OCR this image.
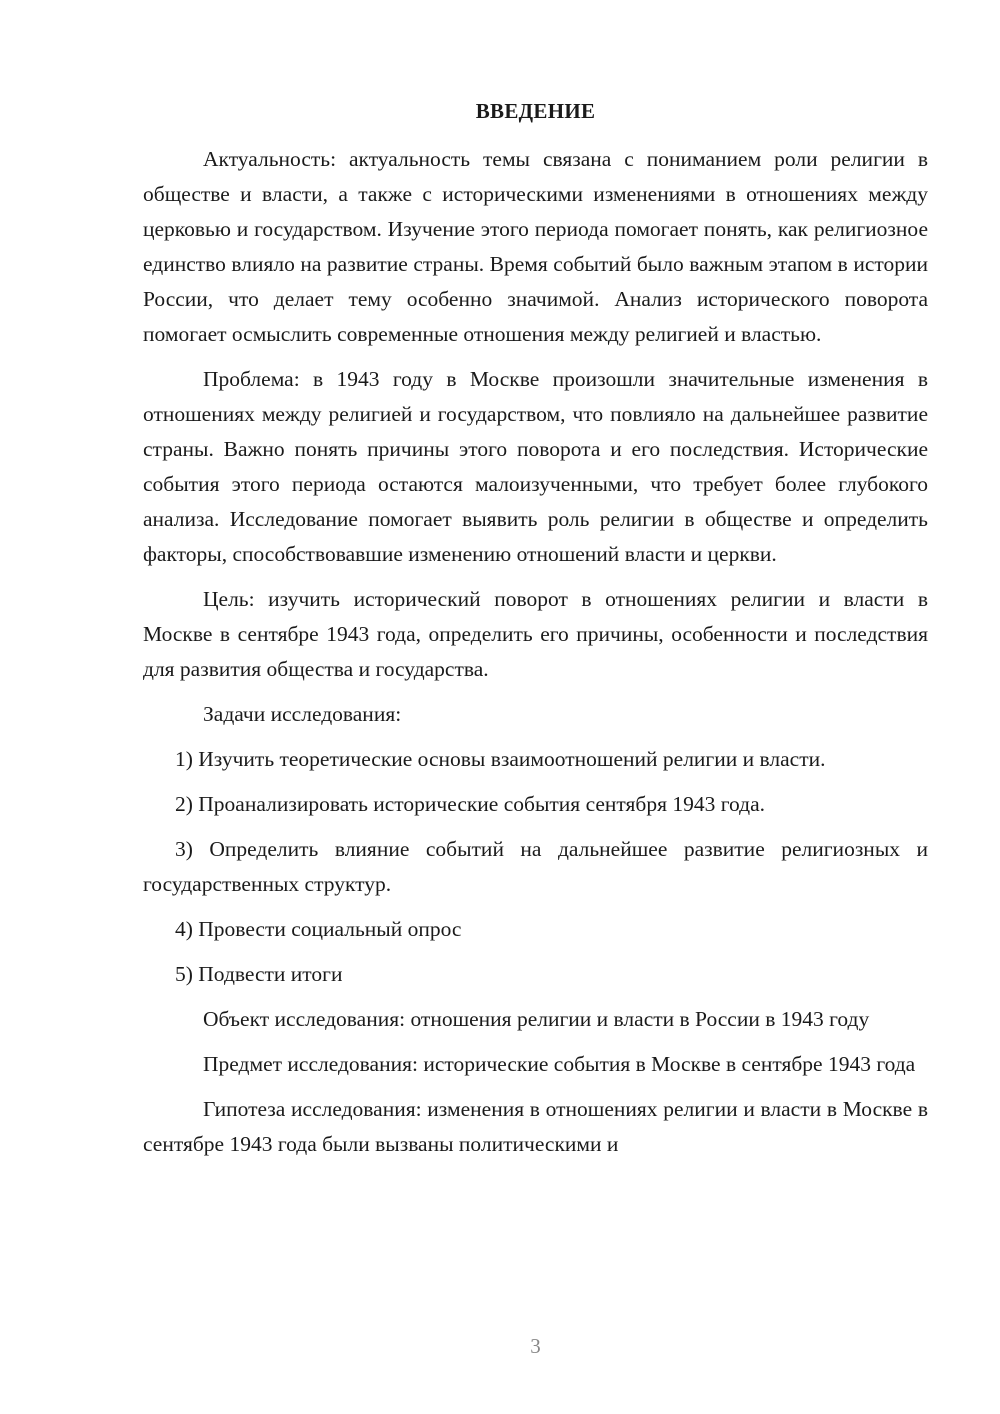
ВВЕДЕНИЕ

Актуальность: актуальность темы связана с пониманием роли религии в обществе и власти, а также с историческими изменениями в отношениях между церковью и государством. Изучение этого периода помогает понять, как религиозное единство влияло на развитие страны. Время событий было важным этапом в истории России, что делает тему особенно значимой. Анализ исторического поворота помогает осмыслить современные отношения между религией и властью.

Проблема: в 1943 году в Москве произошли значительные изменения в отношениях между религией и государством, что повлияло на дальнейшее развитие страны. Важно понять причины этого поворота и его последствия. Исторические события этого периода остаются малоизученными, что требует более глубокого анализа. Исследование помогает выявить роль религии в обществе и определить факторы, способствовавшие изменению отношений власти и церкви.

Цель: изучить исторический поворот в отношениях религии и власти в Москве в сентябре 1943 года, определить его причины, особенности и последствия для развития общества и государства.

Задачи исследования:

1) Изучить теоретические основы взаимоотношений религии и власти.

2) Проанализировать исторические события сентября 1943 года.

3) Определить влияние событий на дальнейшее развитие религиозных и государственных структур.

4) Провести социальный опрос

5) Подвести итоги

Объект исследования: отношения религии и власти в России в 1943 году

Предмет исследования: исторические события в Москве в сентябре 1943 года

Гипотеза исследования: изменения в отношениях религии и власти в Москве в сентябре 1943 года были вызваны политическими и

3
